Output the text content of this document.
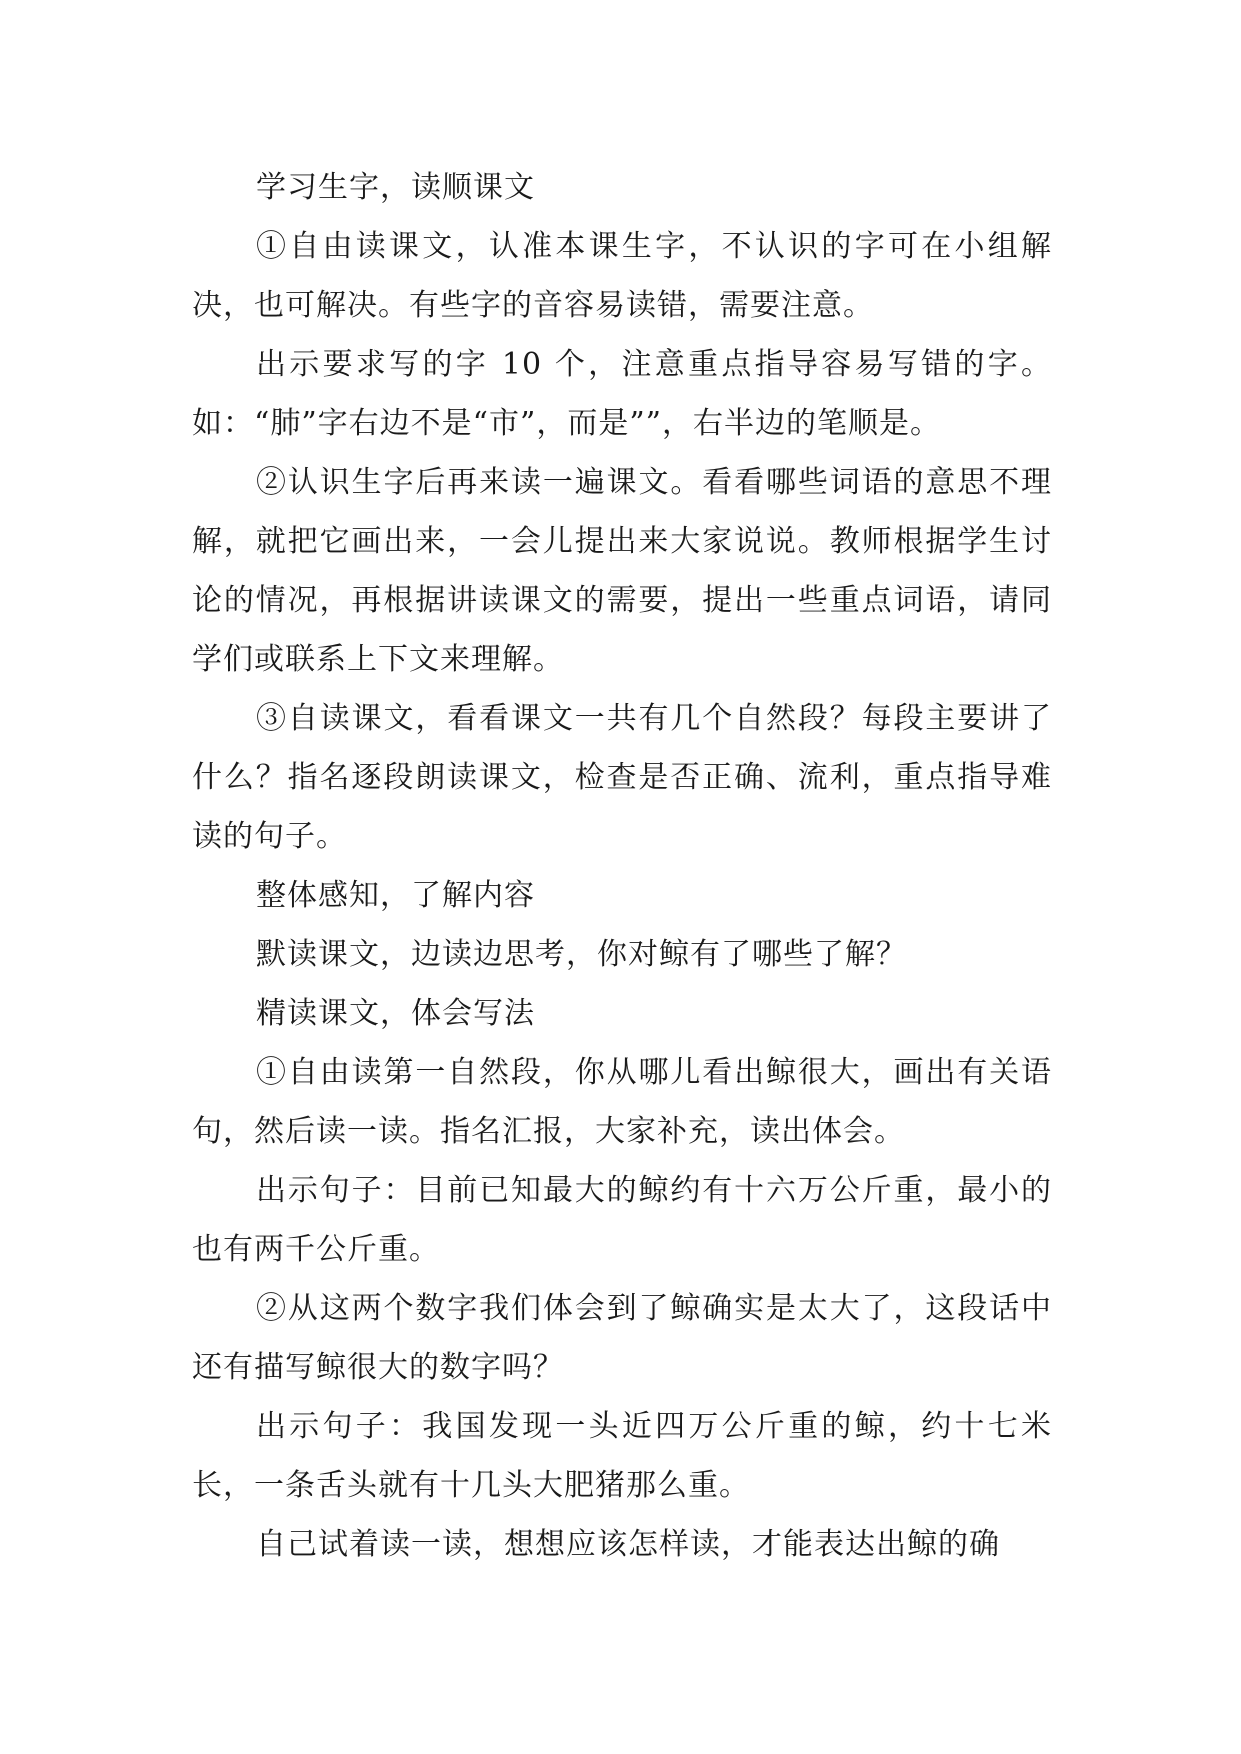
学习生字，读顺课文

①自由读课文，认准本课生字，不认识的字可在小组解决，也可解决。有些字的音容易读错，需要注意。

出示要求写的字 10 个，注意重点指导容易写错的字。如：“肺”字右边不是“市”，而是””，右半边的笔顺是。

②认识生字后再来读一遍课文。看看哪些词语的意思不理解，就把它画出来，一会儿提出来大家说说。教师根据学生讨论的情况，再根据讲读课文的需要，提出一些重点词语，请同学们或联系上下文来理解。

③自读课文，看看课文一共有几个自然段？每段主要讲了什么？指名逐段朗读课文，检查是否正确、流利，重点指导难读的句子。

整体感知，了解内容

默读课文，边读边思考，你对鲸有了哪些了解？

精读课文，体会写法

①自由读第一自然段，你从哪儿看出鲸很大，画出有关语句，然后读一读。指名汇报，大家补充，读出体会。

出示句子：目前已知最大的鲸约有十六万公斤重，最小的也有两千公斤重。

②从这两个数字我们体会到了鲸确实是太大了，这段话中还有描写鲸很大的数字吗？

出示句子：我国发现一头近四万公斤重的鲸，约十七米长，一条舌头就有十几头大肥猪那么重。

自己试着读一读，想想应该怎样读，才能表达出鲸的确
